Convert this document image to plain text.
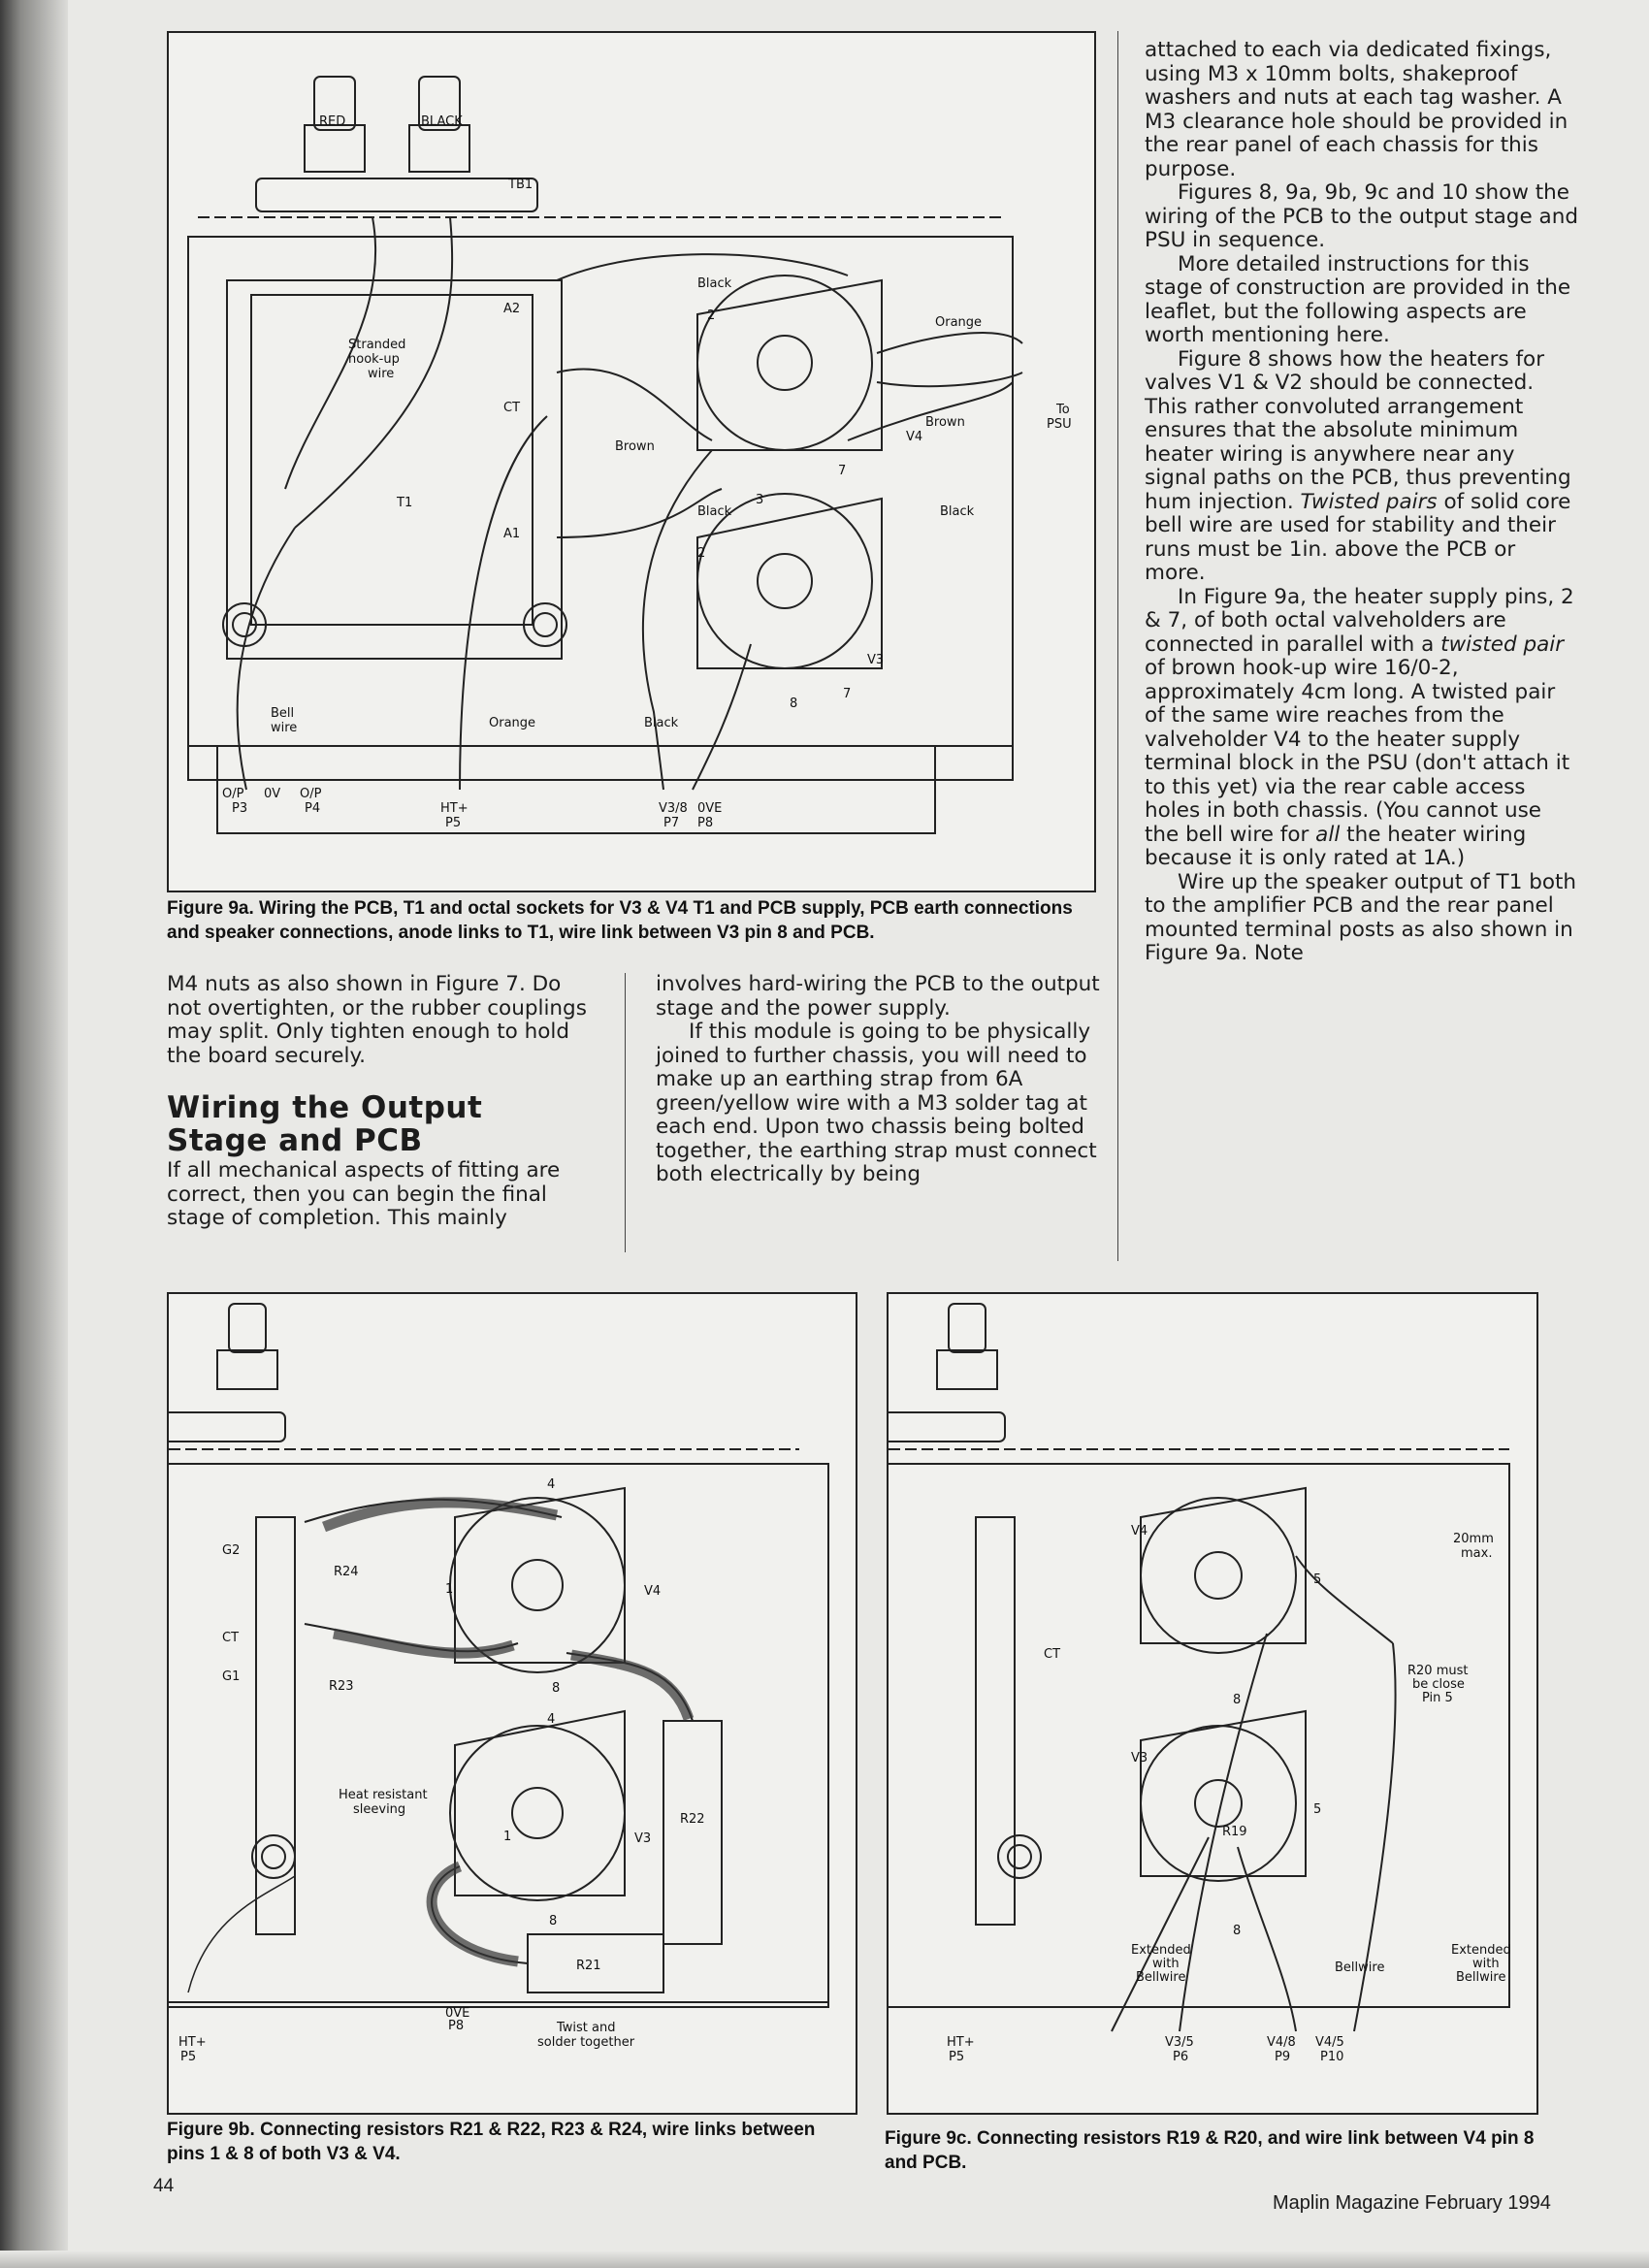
RED	BLACK
TB1
Stranded
hook-up
wire
A2
CT
A1
T1
Bell
wire
Black
Orange
Brown
Brown
Black	Black
To
PSU
V4
V3
2
7
3
2
7
8
Orange	Black
O/P 0V O/P
P3	P4	HT+
P5
V3/8 0VE
P7 P8
Figure 9a. Wiring the PCB, T1 and octal sockets for V3 & V4 T1 and PCB supply, PCB earth connections and speaker connections, anode links to T1, wire link between V3 pin 8 and PCB.

M4 nuts as also shown in Figure 7. Do not overtighten, or the rubber couplings may split. Only tighten enough to hold the board securely.

Wiring the Output Stage and PCB

If all mechanical aspects of fitting are correct, then you can begin the final stage of completion. This mainly

involves hard-wiring the PCB to the output stage and the power supply.

If this module is going to be physically joined to further chassis, you will need to make up an earthing strap from 6A green/yellow wire with a M3 solder tag at each end. Upon two chassis being bolted together, the earthing strap must connect both electrically by being

attached to each via dedicated fixings, using M3 x 10mm bolts, shakeproof washers and nuts at each tag washer. A M3 clearance hole should be provided in the rear panel of each chassis for this purpose.

Figures 8, 9a, 9b, 9c and 10 show the wiring of the PCB to the output stage and PSU in sequence.

More detailed instructions for this stage of construction are provided in the leaflet, but the following aspects are worth mentioning here.

Figure 8 shows how the heaters for valves V1 & V2 should be connected. This rather convoluted arrangement ensures that the absolute minimum heater wiring is anywhere near any signal paths on the PCB, thus preventing hum injection. Twisted pairs of solid core bell wire are used for stability and their runs must be 1in. above the PCB or more.

In Figure 9a, the heater supply pins, 2 & 7, of both octal valveholders are connected in parallel with a twisted pair of brown hook-up wire 16/0-2, approximately 4cm long. A twisted pair of the same wire reaches from the valveholder V4 to the heater supply terminal block in the PSU (don't attach it to this yet) via the rear cable access holes in both chassis. (You cannot use the bell wire for all the heater wiring because it is only rated at 1A.)

Wire up the speaker output of T1 both to the amplifier PCB and the rear panel mounted terminal posts as also shown in Figure 9a. Note

G2
CT
G1
R24
R23
R22
R21
V4
V3
4
1
8
4
1
8
Heat resistant
sleeving
HT+
P5
0VE
P8	Twist and
solder together
Figure 9b. Connecting resistors R21 & R22, R23 & R24, wire links between pins 1 & 8 of both V3 & V4.
CT
V4
V3
R19
20mm
max.
R20 must
be close
Pin 5
5
8
5
8
Extended
with
Bellwire
Extended
with
Bellwire
Bellwire
HT+
P5
V3/5
P6
V4/8
P9
V4/5
P10
Figure 9c. Connecting resistors R19 & R20, and wire link between V4 pin 8 and PCB.
44
Maplin Magazine February 1994
